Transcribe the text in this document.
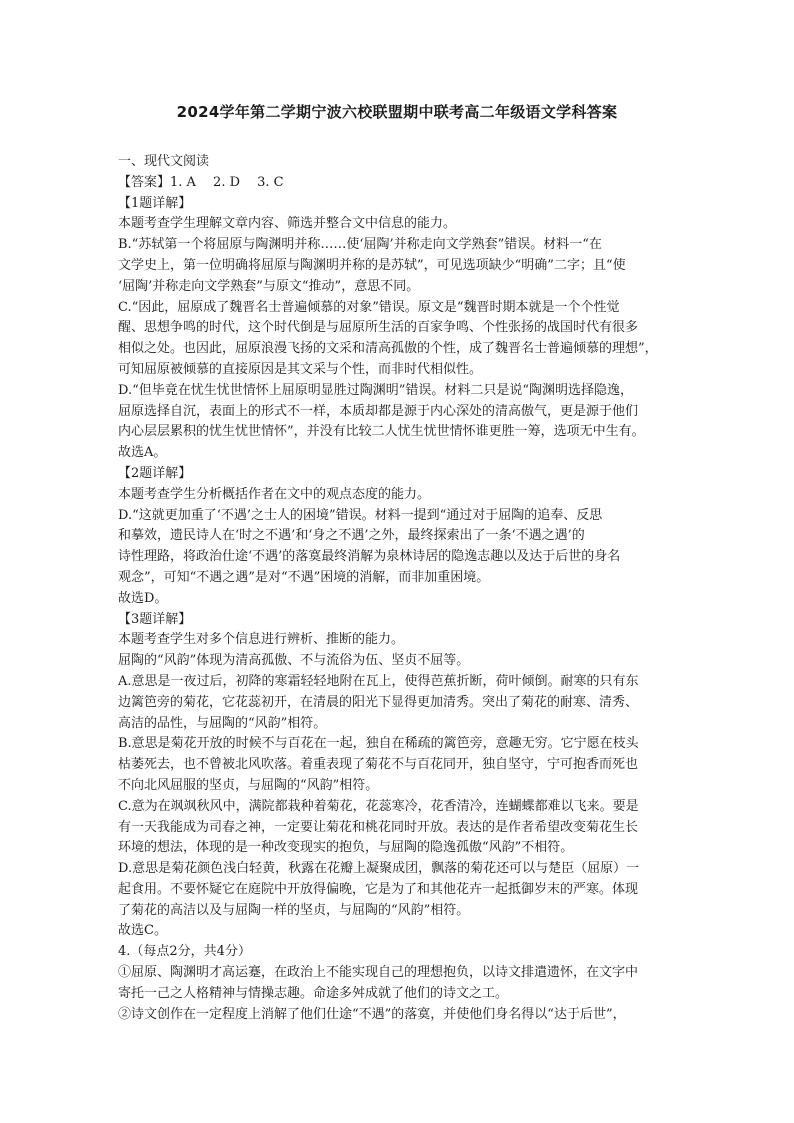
2024学年第二学期宁波六校联盟期中联考高二年级语文学科答案
一、现代文阅读
【答案】1. A　 2. D　 3. C
【1题详解】
本题考查学生理解文章内容、筛选并整合文中信息的能力。
B.“苏轼第一个将屈原与陶渊明并称……使‘屈陶’并称走向文学熟套”错误。材料一“在
文学史上，第一位明确将屈原与陶渊明并称的是苏轼”，可见选项缺少“明确”二字；且“使
‘屈陶’并称走向文学熟套”与原文“推动”，意思不同。
C.“因此，屈原成了魏晋名士普遍倾慕的对象”错误。原文是“魏晋时期本就是一个个性觉
醒、思想争鸣的时代，这个时代倒是与屈原所生活的百家争鸣、个性张扬的战国时代有很多
相似之处。也因此，屈原浪漫飞扬的文采和清高孤傲的个性，成了魏晋名士普遍倾慕的理想”，
可知屈原被倾慕的直接原因是其文采与个性，而非时代相似性。
D.“但毕竟在忧生忧世情怀上屈原明显胜过陶渊明”错误。材料二只是说“陶渊明选择隐逸，
屈原选择自沉，表面上的形式不一样，本质却都是源于内心深处的清高傲气，更是源于他们
内心层层累积的忧生忧世情怀”，并没有比较二人忧生忧世情怀谁更胜一筹，选项无中生有。
故选A。
【2题详解】
本题考查学生分析概括作者在文中的观点态度的能力。
D.“这就更加重了‘不遇’之士人的困境”错误。材料一提到“通过对于屈陶的追奉、反思
和摹效，遗民诗人在‘时之不遇’和‘身之不遇’之外，最终探索出了一条‘不遇之遇’的
诗性理路，将政治仕途‘不遇’的落寞最终消解为泉林诗居的隐逸志趣以及达于后世的身名
观念”，可知“不遇之遇”是对“不遇”困境的消解，而非加重困境。
故选D。
【3题详解】
本题考查学生对多个信息进行辨析、推断的能力。
屈陶的“风韵”体现为清高孤傲、不与流俗为伍、坚贞不屈等。
A.意思是一夜过后，初降的寒霜轻轻地附在瓦上，使得芭蕉折断，荷叶倾倒。耐寒的只有东
边篱笆旁的菊花，它花蕊初开，在清晨的阳光下显得更加清秀。突出了菊花的耐寒、清秀、
高洁的品性，与屈陶的“风韵”相符。
B.意思是菊花开放的时候不与百花在一起，独自在稀疏的篱笆旁，意趣无穷。它宁愿在枝头
枯萎死去，也不曾被北风吹落。着重表现了菊花不与百花同开，独自坚守，宁可抱香而死也
不向北风屈服的坚贞，与屈陶的“风韵”相符。
C.意为在飒飒秋风中，满院都栽种着菊花，花蕊寒冷，花香清冷，连蝴蝶都难以飞来。要是
有一天我能成为司春之神，一定要让菊花和桃花同时开放。表达的是作者希望改变菊花生长
环境的想法，体现的是一种改变现实的抱负，与屈陶的隐逸孤傲“风韵”不相符。
D.意思是菊花颜色浅白轻黄，秋露在花瓣上凝聚成团，飘落的菊花还可以与楚臣（屈原）一
起食用。不要怀疑它在庭院中开放得偏晚，它是为了和其他花卉一起抵御岁末的严寒。体现
了菊花的高洁以及与屈陶一样的坚贞，与屈陶的“风韵”相符。
故选C。
4.（每点2分，共4分）
①屈原、陶渊明才高运蹇，在政治上不能实现自己的理想抱负，以诗文排遣遗怀，在文字中
寄托一己之人格精神与情操志趣。命途多舛成就了他们的诗文之工。
②诗文创作在一定程度上消解了他们仕途“不遇”的落寞，并使他们身名得以“达于后世”，
